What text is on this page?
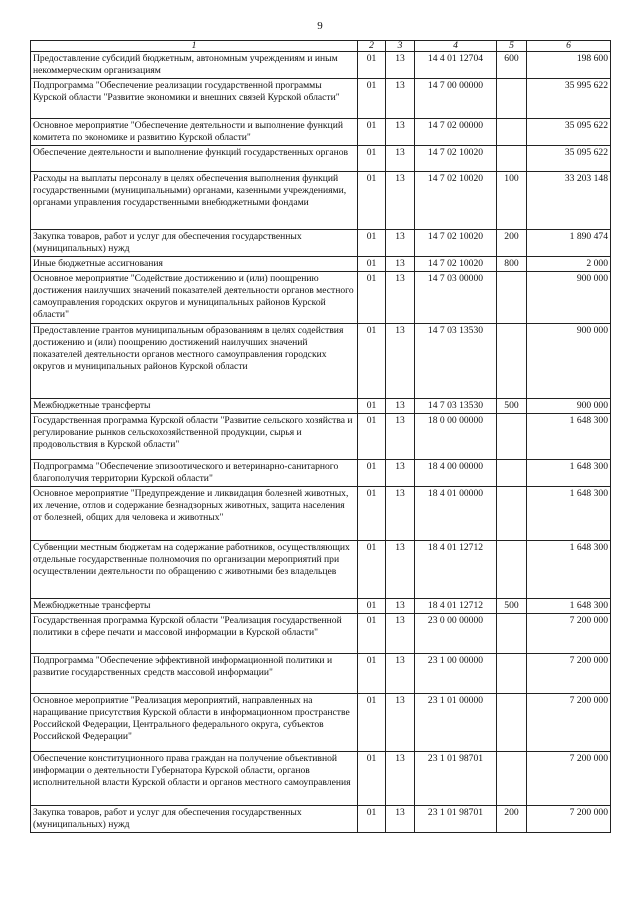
9
1	2	3	4	5	6
Предоставление субсидий бюджетным, автономным учреждениям и иным некоммерческим организациям	01	13	14 4 01 12704	600	198 600
Подпрограмма "Обеспечение реализации государственной программы Курской области "Развитие экономики и внешних связей Курской области"	01	13	14 7 00 00000		35 995 622
Основное мероприятие "Обеспечение деятельности и выполнение функций комитета по экономике и развитию Курской области"	01	13	14 7 02 00000		35 095 622
Обеспечение деятельности и выполнение функций государственных органов	01	13	14 7 02 10020		35 095 622
Расходы на выплаты персоналу в целях обеспечения выполнения функций государственными (муниципальными) органами, казенными учреждениями, органами управления государственными внебюджетными фондами	01	13	14 7 02 10020	100	33 203 148
Закупка товаров, работ и услуг для обеспечения государственных (муниципальных) нужд	01	13	14 7 02 10020	200	1 890 474
Иные бюджетные ассигнования	01	13	14 7 02 10020	800	2 000
Основное мероприятие "Содействие достижению и (или) поощрению достижения наилучших значений показателей деятельности органов местного самоуправления городских округов и муниципальных районов Курской области"	01	13	14 7 03 00000		900 000
Предоставление грантов муниципальным образованиям в целях содействия достижению и (или) поощрению достижений наилучших значений показателей деятельности органов местного самоуправления городских округов и муниципальных районов Курской области	01	13	14 7 03 13530		900 000
Межбюджетные трансферты	01	13	14 7 03 13530	500	900 000
Государственная программа Курской области "Развитие сельского хозяйства и регулирование рынков сельскохозяйственной продукции, сырья и продовольствия в Курской области"	01	13	18 0 00 00000		1 648 300
Подпрограмма "Обеспечение эпизоотического и ветеринарно-санитарного благополучия территории Курской области"	01	13	18 4 00 00000		1 648 300
Основное мероприятие "Предупреждение и ликвидация болезней животных, их лечение, отлов и содержание безнадзорных животных, защита населения от болезней, общих для человека и животных"	01	13	18 4 01 00000		1 648 300
Субвенции местным бюджетам на содержание работников, осуществляющих отдельные государственные полномочия по организации мероприятий при осуществлении деятельности по обращению с животными без владельцев	01	13	18 4 01 12712		1 648 300
Межбюджетные трансферты	01	13	18 4 01 12712	500	1 648 300
Государственная программа Курской области "Реализация государственной политики в сфере печати и массовой информации в Курской области"	01	13	23 0 00 00000		7 200 000
Подпрограмма "Обеспечение эффективной информационной политики и развитие государственных средств массовой информации"	01	13	23 1 00 00000		7 200 000
Основное мероприятие "Реализация мероприятий, направленных на наращивание присутствия Курской области в информационном пространстве Российской Федерации, Центрального федерального округа, субъектов Российской Федерации"	01	13	23 1 01 00000		7 200 000
Обеспечение конституционного права граждан на получение объективной информации о деятельности Губернатора Курской области, органов исполнительной власти Курской области и органов местного самоуправления	01	13	23 1 01 98701		7 200 000
Закупка товаров, работ и услуг для обеспечения государственных (муниципальных) нужд	01	13	23 1 01 98701	200	7 200 000
